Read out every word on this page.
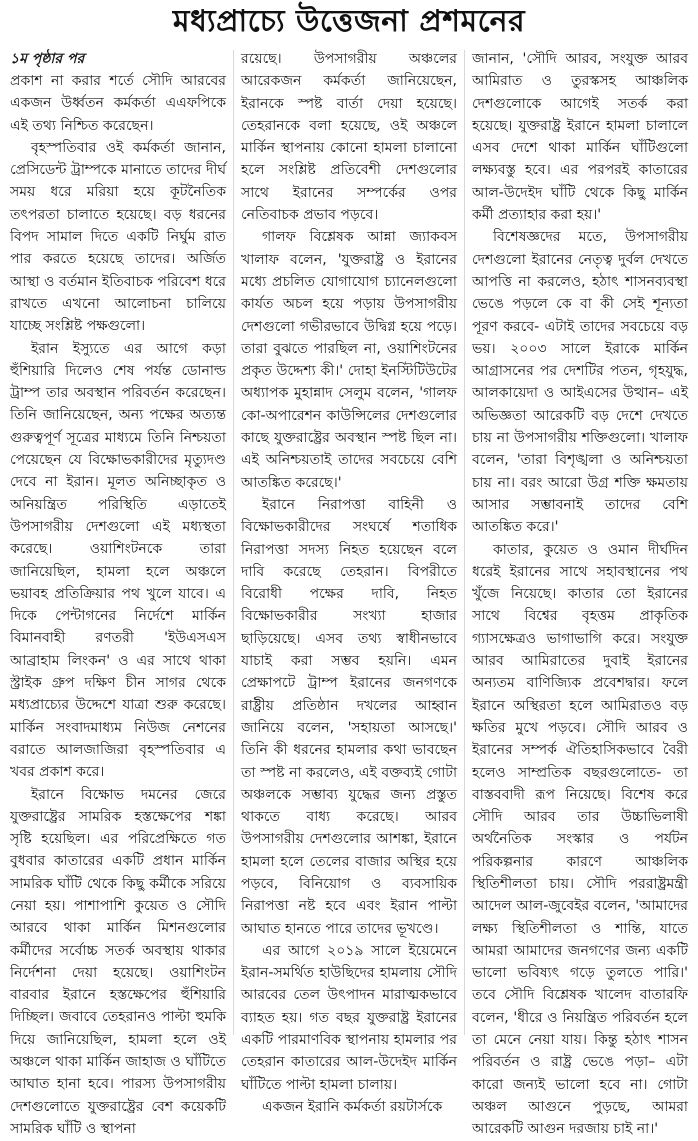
মধ্যপ্রাচ্যে উত্তেজনা প্রশমনের
১ম পৃষ্ঠার পর

প্রকাশ না করার শর্তে সৌদি আরবের একজন উর্ধ্বতন কর্মকর্তা এএফপিকে এই তথ্য নিশ্চিত করেছেন।

বৃহস্পতিবার ওই কর্মকর্তা জানান, প্রেসিডেন্ট ট্রাম্পকে মানাতে তাদের দীর্ঘ সময় ধরে মরিয়া হয়ে কূটনৈতিক তৎপরতা চালাতে হয়েছে। বড় ধরনের বিপদ সামাল দিতে একটি নির্ঘুম রাত পার করতে হয়েছে তাদের। অর্জিত আস্থা ও বর্তমান ইতিবাচক পরিবেশ ধরে রাখতে এখনো আলোচনা চালিয়ে যাচ্ছে সংশ্লিষ্ট পক্ষগুলো।

ইরান ইস্যুতে এর আগে কড়া হুঁশিয়ারি দিলেও শেষ পর্যন্ত ডোনাল্ড ট্রাম্প তার অবস্থান পরিবর্তন করেছেন। তিনি জানিয়েছেন, অন্য পক্ষের অত্যন্ত গুরুত্বপূর্ণ সূত্রের মাধ্যমে তিনি নিশ্চয়তা পেয়েছেন যে বিক্ষোভকারীদের মৃত্যুদণ্ড দেবে না ইরান। মূলত অনিচ্ছাকৃত ও অনিয়ন্ত্রিত পরিস্থিতি এড়াতেই উপসাগরীয় দেশগুলো এই মধ্যস্থতা করেছে। ওয়াশিংটনকে তারা জানিয়েছিল, হামলা হলে অঞ্চলে ভয়াবহ প্রতিক্রিয়ার পথ খুলে যাবে। এ দিকে পেন্টাগনের নির্দেশে মার্কিন বিমানবাহী রণতরী 'ইউএসএস আব্রাহাম লিংকন' ও এর সাথে থাকা স্ট্রাইক গ্রুপ দক্ষিণ চীন সাগর থেকে মধ্যপ্রাচ্যের উদ্দেশে যাত্রা শুরু করেছে। মার্কিন সংবাদমাধ্যম নিউজ নেশনের বরাতে আলজাজিরা বৃহস্পতিবার এ খবর প্রকাশ করে।

ইরানে বিক্ষোভ দমনের জেরে যুক্তরাষ্ট্রের সামরিক হস্তক্ষেপের শঙ্কা সৃষ্টি হয়েছিল। এর পরিপ্রেক্ষিতে গত বুধবার কাতারের একটি প্রধান মার্কিন সামরিক ঘাঁটি থেকে কিছু কর্মীকে সরিয়ে নেয়া হয়। পাশাপাশি কুয়েত ও সৌদি আরবে থাকা মার্কিন মিশনগুলোর কর্মীদের সর্বোচ্চ সতর্ক অবস্থায় থাকার নির্দেশনা দেয়া হয়েছে। ওয়াশিংটন বারবার ইরানে হস্তক্ষেপের হুঁশিয়ারি দিচ্ছিল। জবাবে তেহরানও পাল্টা হুমকি দিয়ে জানিয়েছিল, হামলা হলে ওই অঞ্চলে থাকা মার্কিন জাহাজ ও ঘাঁটিতে আঘাত হানা হবে। পারস্য উপসাগরীয় দেশগুলোতে যুক্তরাষ্ট্রের বেশ কয়েকটি সামরিক ঘাঁটি ও স্থাপনা

রয়েছে। উপসাগরীয় অঞ্চলের আরেকজন কর্মকর্তা জানিয়েছেন, ইরানকে স্পষ্ট বার্তা দেয়া হয়েছে। তেহরানকে বলা হয়েছে, ওই অঞ্চলে মার্কিন স্থাপনায় কোনো হামলা চালানো হলে সংশ্লিষ্ট প্রতিবেশী দেশগুলোর সাথে ইরানের সম্পর্কের ওপর নেতিবাচক প্রভাব পড়বে।

গালফ বিশ্লেষক আন্না জ্যাকবস খালাফ বলেন, 'যুক্তরাষ্ট্র ও ইরানের মধ্যে প্রচলিত যোগাযোগ চ্যানেলগুলো কার্যত অচল হয়ে পড়ায় উপসাগরীয় দেশগুলো গভীরভাবে উদ্বিগ্ন হয়ে পড়ে। তারা বুঝতে পারছিল না, ওয়াশিংটনের প্রকৃত উদ্দেশ্য কী।' দোহা ইনস্টিটিউটের অধ্যাপক মুহান্নাদ সেলুম বলেন, 'গালফ কো-অপারেশন কাউন্সিলের দেশগুলোর কাছে যুক্তরাষ্ট্রের অবস্থান স্পষ্ট ছিল না। এই অনিশ্চয়তাই তাদের সবচেয়ে বেশি আতঙ্কিত করেছে।'

ইরানে নিরাপত্তা বাহিনী ও বিক্ষোভকারীদের সংঘর্ষে শতাধিক নিরাপত্তা সদস্য নিহত হয়েছেন বলে দাবি করেছে তেহরান। বিপরীতে বিরোধী পক্ষের দাবি, নিহত বিক্ষোভকারীর সংখ্যা হাজার ছাড়িয়েছে। এসব তথ্য স্বাধীনভাবে যাচাই করা সম্ভব হয়নি। এমন প্রেক্ষাপটে ট্রাম্প ইরানের জনগণকে রাষ্ট্রীয় প্রতিষ্ঠান দখলের আহ্বান জানিয়ে বলেন, 'সহায়তা আসছে।' তিনি কী ধরনের হামলার কথা ভাবছেন তা স্পষ্ট না করলেও, এই বক্তব্যই গোটা অঞ্চলকে সম্ভাব্য যুদ্ধের জন্য প্রস্তুত থাকতে বাধ্য করেছে। আরব উপসাগরীয় দেশগুলোর আশঙ্কা, ইরানে হামলা হলে তেলের বাজার অস্থির হয়ে পড়বে, বিনিয়োগ ও ব্যবসায়িক নিরাপত্তা নষ্ট হবে এবং ইরান পাল্টা আঘাত হানতে পারে তাদের ভূখণ্ডে।

এর আগে ২০১৯ সালে ইয়েমেনে ইরান-সমর্থিত হাউছিদের হামলায় সৌদি আরবের তেল উৎপাদন মারাত্মকভাবে ব্যাহত হয়। গত বছর যুক্তরাষ্ট্র ইরানের একটি পারমাণবিক স্থাপনায় হামলার পর তেহরান কাতারের আল-উদেইদ মার্কিন ঘাঁটিতে পাল্টা হামলা চালায়।

একজন ইরানি কর্মকর্তা রয়টার্সকে

জানান, 'সৌদি আরব, সংযুক্ত আরব আমিরাত ও তুরস্কসহ আঞ্চলিক দেশগুলোকে আগেই সতর্ক করা হয়েছে। যুক্তরাষ্ট্র ইরানে হামলা চালালে এসব দেশে থাকা মার্কিন ঘাঁটিগুলো লক্ষ্যবস্তু হবে। এর পরপরই কাতারের আল-উদেইদ ঘাঁটি থেকে কিছু মার্কিন কর্মী প্রত্যাহার করা হয়।'

বিশেষজ্ঞদের মতে, উপসাগরীয় দেশগুলো ইরানের নেতৃত্ব দুর্বল দেখতে আপত্তি না করলেও, হঠাৎ শাসনব্যবস্থা ভেঙে পড়লে কে বা কী সেই শূন্যতা পূরণ করবে- এটাই তাদের সবচেয়ে বড় ভয়। ২০০৩ সালে ইরাকে মার্কিন আগ্রাসনের পর দেশটির পতন, গৃহযুদ্ধ, আলকায়েদা ও আইএসের উত্থান– এই অভিজ্ঞতা আরেকটি বড় দেশে দেখতে চায় না উপসাগরীয় শক্তিগুলো। খালাফ বলেন, 'তারা বিশৃঙ্খলা ও অনিশ্চয়তা চায় না। বরং আরো উগ্র শক্তি ক্ষমতায় আসার সম্ভাবনাই তাদের বেশি আতঙ্কিত করে।'

কাতার, কুয়েত ও ওমান দীর্ঘদিন ধরেই ইরানের সাথে সহাবস্থানের পথ খুঁজে নিয়েছে। কাতার তো ইরানের সাথে বিশ্বের বৃহত্তম প্রাকৃতিক গ্যাসক্ষেত্রও ভাগাভাগি করে। সংযুক্ত আরব আমিরাতের দুবাই ইরানের অন্যতম বাণিজ্যিক প্রবেশদ্বার। ফলে ইরানে অস্থিরতা হলে আমিরাতও বড় ক্ষতির মুখে পড়বে। সৌদি আরব ও ইরানের সম্পর্ক ঐতিহাসিকভাবে বৈরী হলেও সাম্প্রতিক বছরগুলোতে- তা বাস্তববাদী রূপ নিয়েছে। বিশেষ করে সৌদি আরব তার উচ্চাভিলাষী অর্থনৈতিক সংস্কার ও পর্যটন পরিকল্পনার কারণে আঞ্চলিক স্থিতিশীলতা চায়। সৌদি পররাষ্ট্রমন্ত্রী আদেল আল-জুবেইর বলেন, 'আমাদের লক্ষ্য স্থিতিশীলতা ও শান্তি, যাতে আমরা আমাদের জনগণের জন্য একটি ভালো ভবিষ্যৎ গড়ে তুলতে পারি।' তবে সৌদি বিশ্লেষক খালেদ বাতারফি বলেন, 'ধীরে ও নিয়ন্ত্রিত পরিবর্তন হলে তা মেনে নেয়া যায়। কিন্তু হঠাৎ শাসন পরিবর্তন ও রাষ্ট্র ভেঙে পড়া– এটা কারো জন্যই ভালো হবে না। গোটা অঞ্চল আগুনে পুড়ছে, আমরা আরেকটি আগুন দরজায় চাই না।'
